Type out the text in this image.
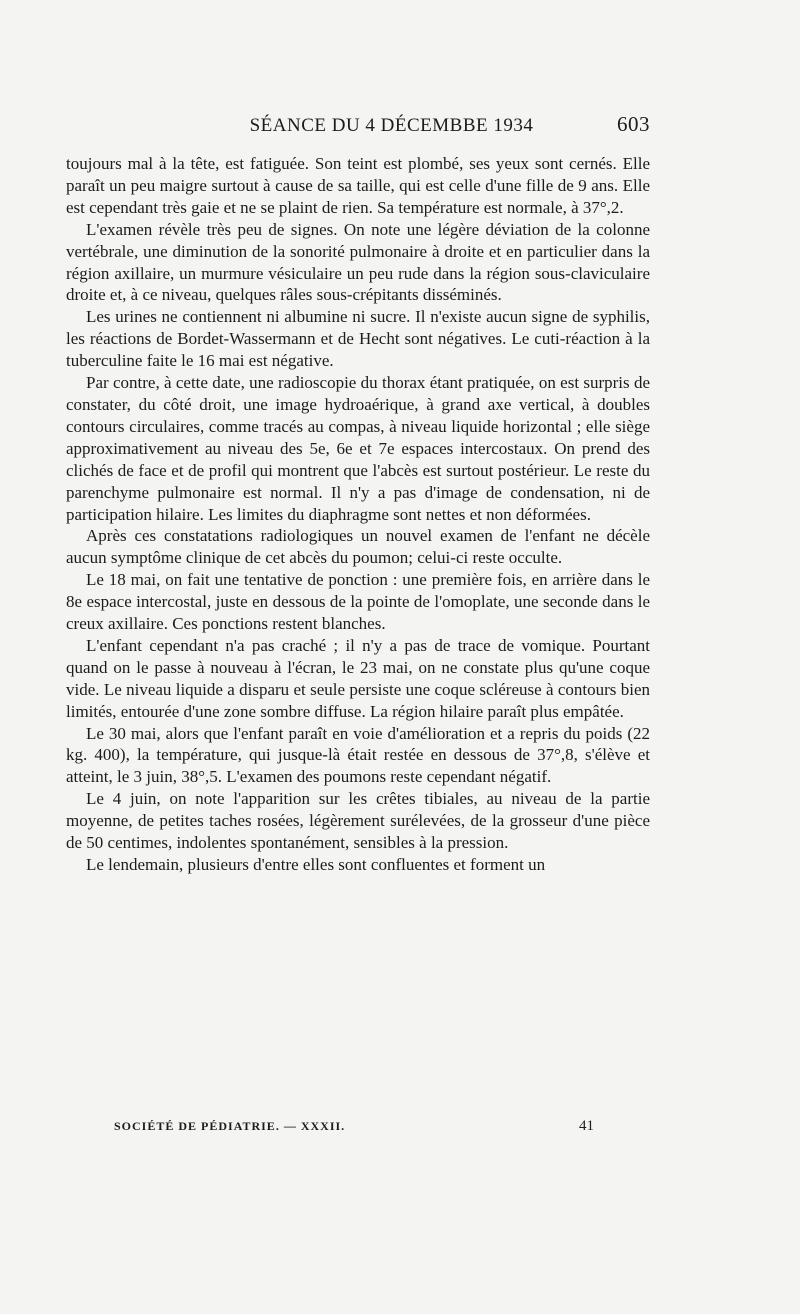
SÉANCE DU 4 DÉCEMBBE 1934	603

toujours mal à la tête, est fatiguée. Son teint est plombé, ses yeux sont cernés. Elle paraît un peu maigre surtout à cause de sa taille, qui est celle d'une fille de 9 ans. Elle est cependant très gaie et ne se plaint de rien. Sa température est normale, à 37°,2.

L'examen révèle très peu de signes. On note une légère déviation de la colonne vertébrale, une diminution de la sonorité pulmonaire à droite et en particulier dans la région axillaire, un murmure vésiculaire un peu rude dans la région sous-claviculaire droite et, à ce niveau, quelques râles sous-crépitants disséminés.

Les urines ne contiennent ni albumine ni sucre. Il n'existe aucun signe de syphilis, les réactions de Bordet-Wassermann et de Hecht sont négatives. Le cuti-réaction à la tuberculine faite le 16 mai est négative.

Par contre, à cette date, une radioscopie du thorax étant pratiquée, on est surpris de constater, du côté droit, une image hydroaérique, à grand axe vertical, à doubles contours circulaires, comme tracés au compas, à niveau liquide horizontal ; elle siège approximativement au niveau des 5e, 6e et 7e espaces intercostaux. On prend des clichés de face et de profil qui montrent que l'abcès est surtout postérieur. Le reste du parenchyme pulmonaire est normal. Il n'y a pas d'image de condensation, ni de participation hilaire. Les limites du diaphragme sont nettes et non déformées.

Après ces constatations radiologiques un nouvel examen de l'enfant ne décèle aucun symptôme clinique de cet abcès du poumon; celui-ci reste occulte.

Le 18 mai, on fait une tentative de ponction : une première fois, en arrière dans le 8e espace intercostal, juste en dessous de la pointe de l'omoplate, une seconde dans le creux axillaire. Ces ponctions restent blanches.

L'enfant cependant n'a pas craché ; il n'y a pas de trace de vomique. Pourtant quand on le passe à nouveau à l'écran, le 23 mai, on ne constate plus qu'une coque vide. Le niveau liquide a disparu et seule persiste une coque scléreuse à contours bien limités, entourée d'une zone sombre diffuse. La région hilaire paraît plus empâtée.

Le 30 mai, alors que l'enfant paraît en voie d'amélioration et a repris du poids (22 kg. 400), la température, qui jusque-là était restée en dessous de 37°,8, s'élève et atteint, le 3 juin, 38°,5. L'examen des poumons reste cependant négatif.

Le 4 juin, on note l'apparition sur les crêtes tibiales, au niveau de la partie moyenne, de petites taches rosées, légèrement surélevées, de la grosseur d'une pièce de 50 centimes, indolentes spontanément, sensibles à la pression.

Le lendemain, plusieurs d'entre elles sont confluentes et forment un

SOCIÉTÉ DE PÉDIATRIE. — XXXII.	41
